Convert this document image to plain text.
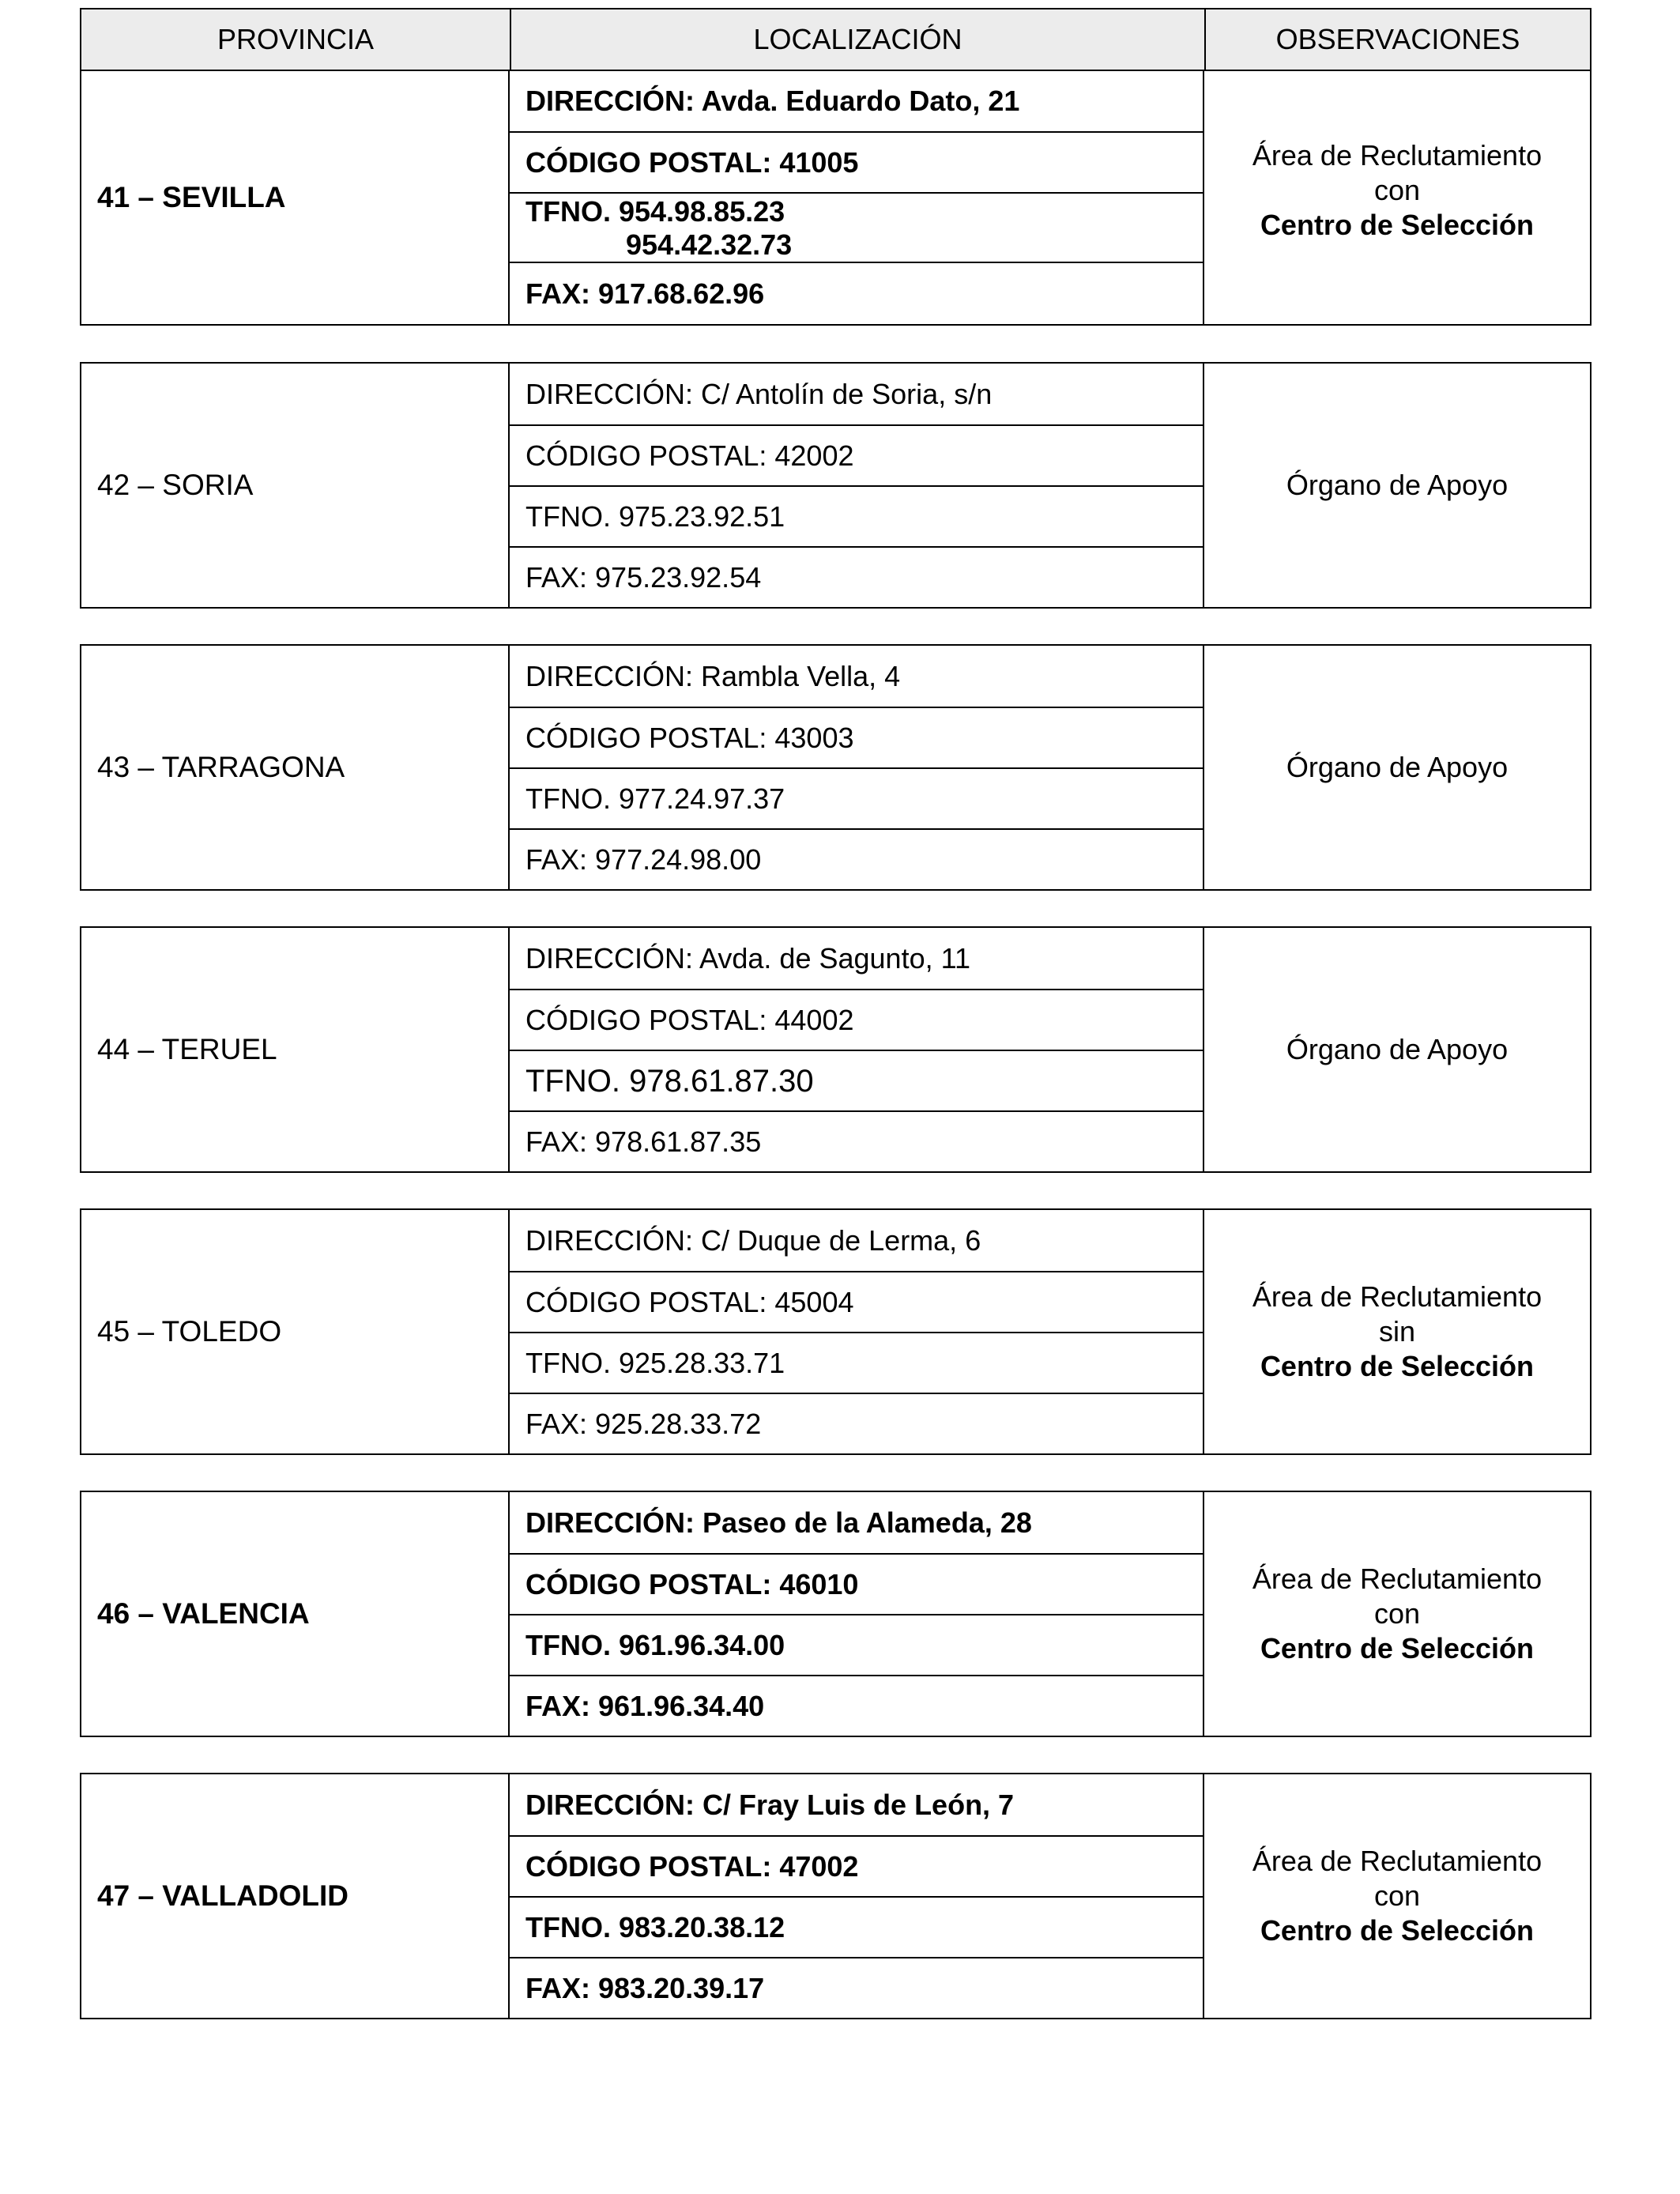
PROVINCIA	LOCALIZACIÓN	OBSERVACIONES
41 – SEVILLA
DIRECCIÓN: Avda. Eduardo Dato, 21
CÓDIGO POSTAL: 41005
TFNO. 954.98.85.23
954.42.32.73
FAX: 917.68.62.96
Área de Reclutamiento
con
Centro de Selección
42 – SORIA
DIRECCIÓN: C/ Antolín de Soria, s/n
CÓDIGO POSTAL: 42002
TFNO. 975.23.92.51
FAX: 975.23.92.54
Órgano de Apoyo
43 – TARRAGONA
DIRECCIÓN: Rambla Vella, 4
CÓDIGO POSTAL: 43003
TFNO. 977.24.97.37
FAX: 977.24.98.00
Órgano de Apoyo
44 – TERUEL
DIRECCIÓN: Avda. de Sagunto, 11
CÓDIGO POSTAL: 44002
TFNO. 978.61.87.30
FAX: 978.61.87.35
Órgano de Apoyo
45 – TOLEDO
DIRECCIÓN: C/ Duque de Lerma, 6
CÓDIGO POSTAL: 45004
TFNO. 925.28.33.71
FAX: 925.28.33.72
Área de Reclutamiento
sin
Centro de Selección
46 – VALENCIA
DIRECCIÓN: Paseo de la Alameda, 28
CÓDIGO POSTAL: 46010
TFNO. 961.96.34.00
FAX: 961.96.34.40
Área de Reclutamiento
con
Centro de Selección
47 – VALLADOLID
DIRECCIÓN: C/ Fray Luis de León, 7
CÓDIGO POSTAL: 47002
TFNO. 983.20.38.12
FAX: 983.20.39.17
Área de Reclutamiento
con
Centro de Selección
